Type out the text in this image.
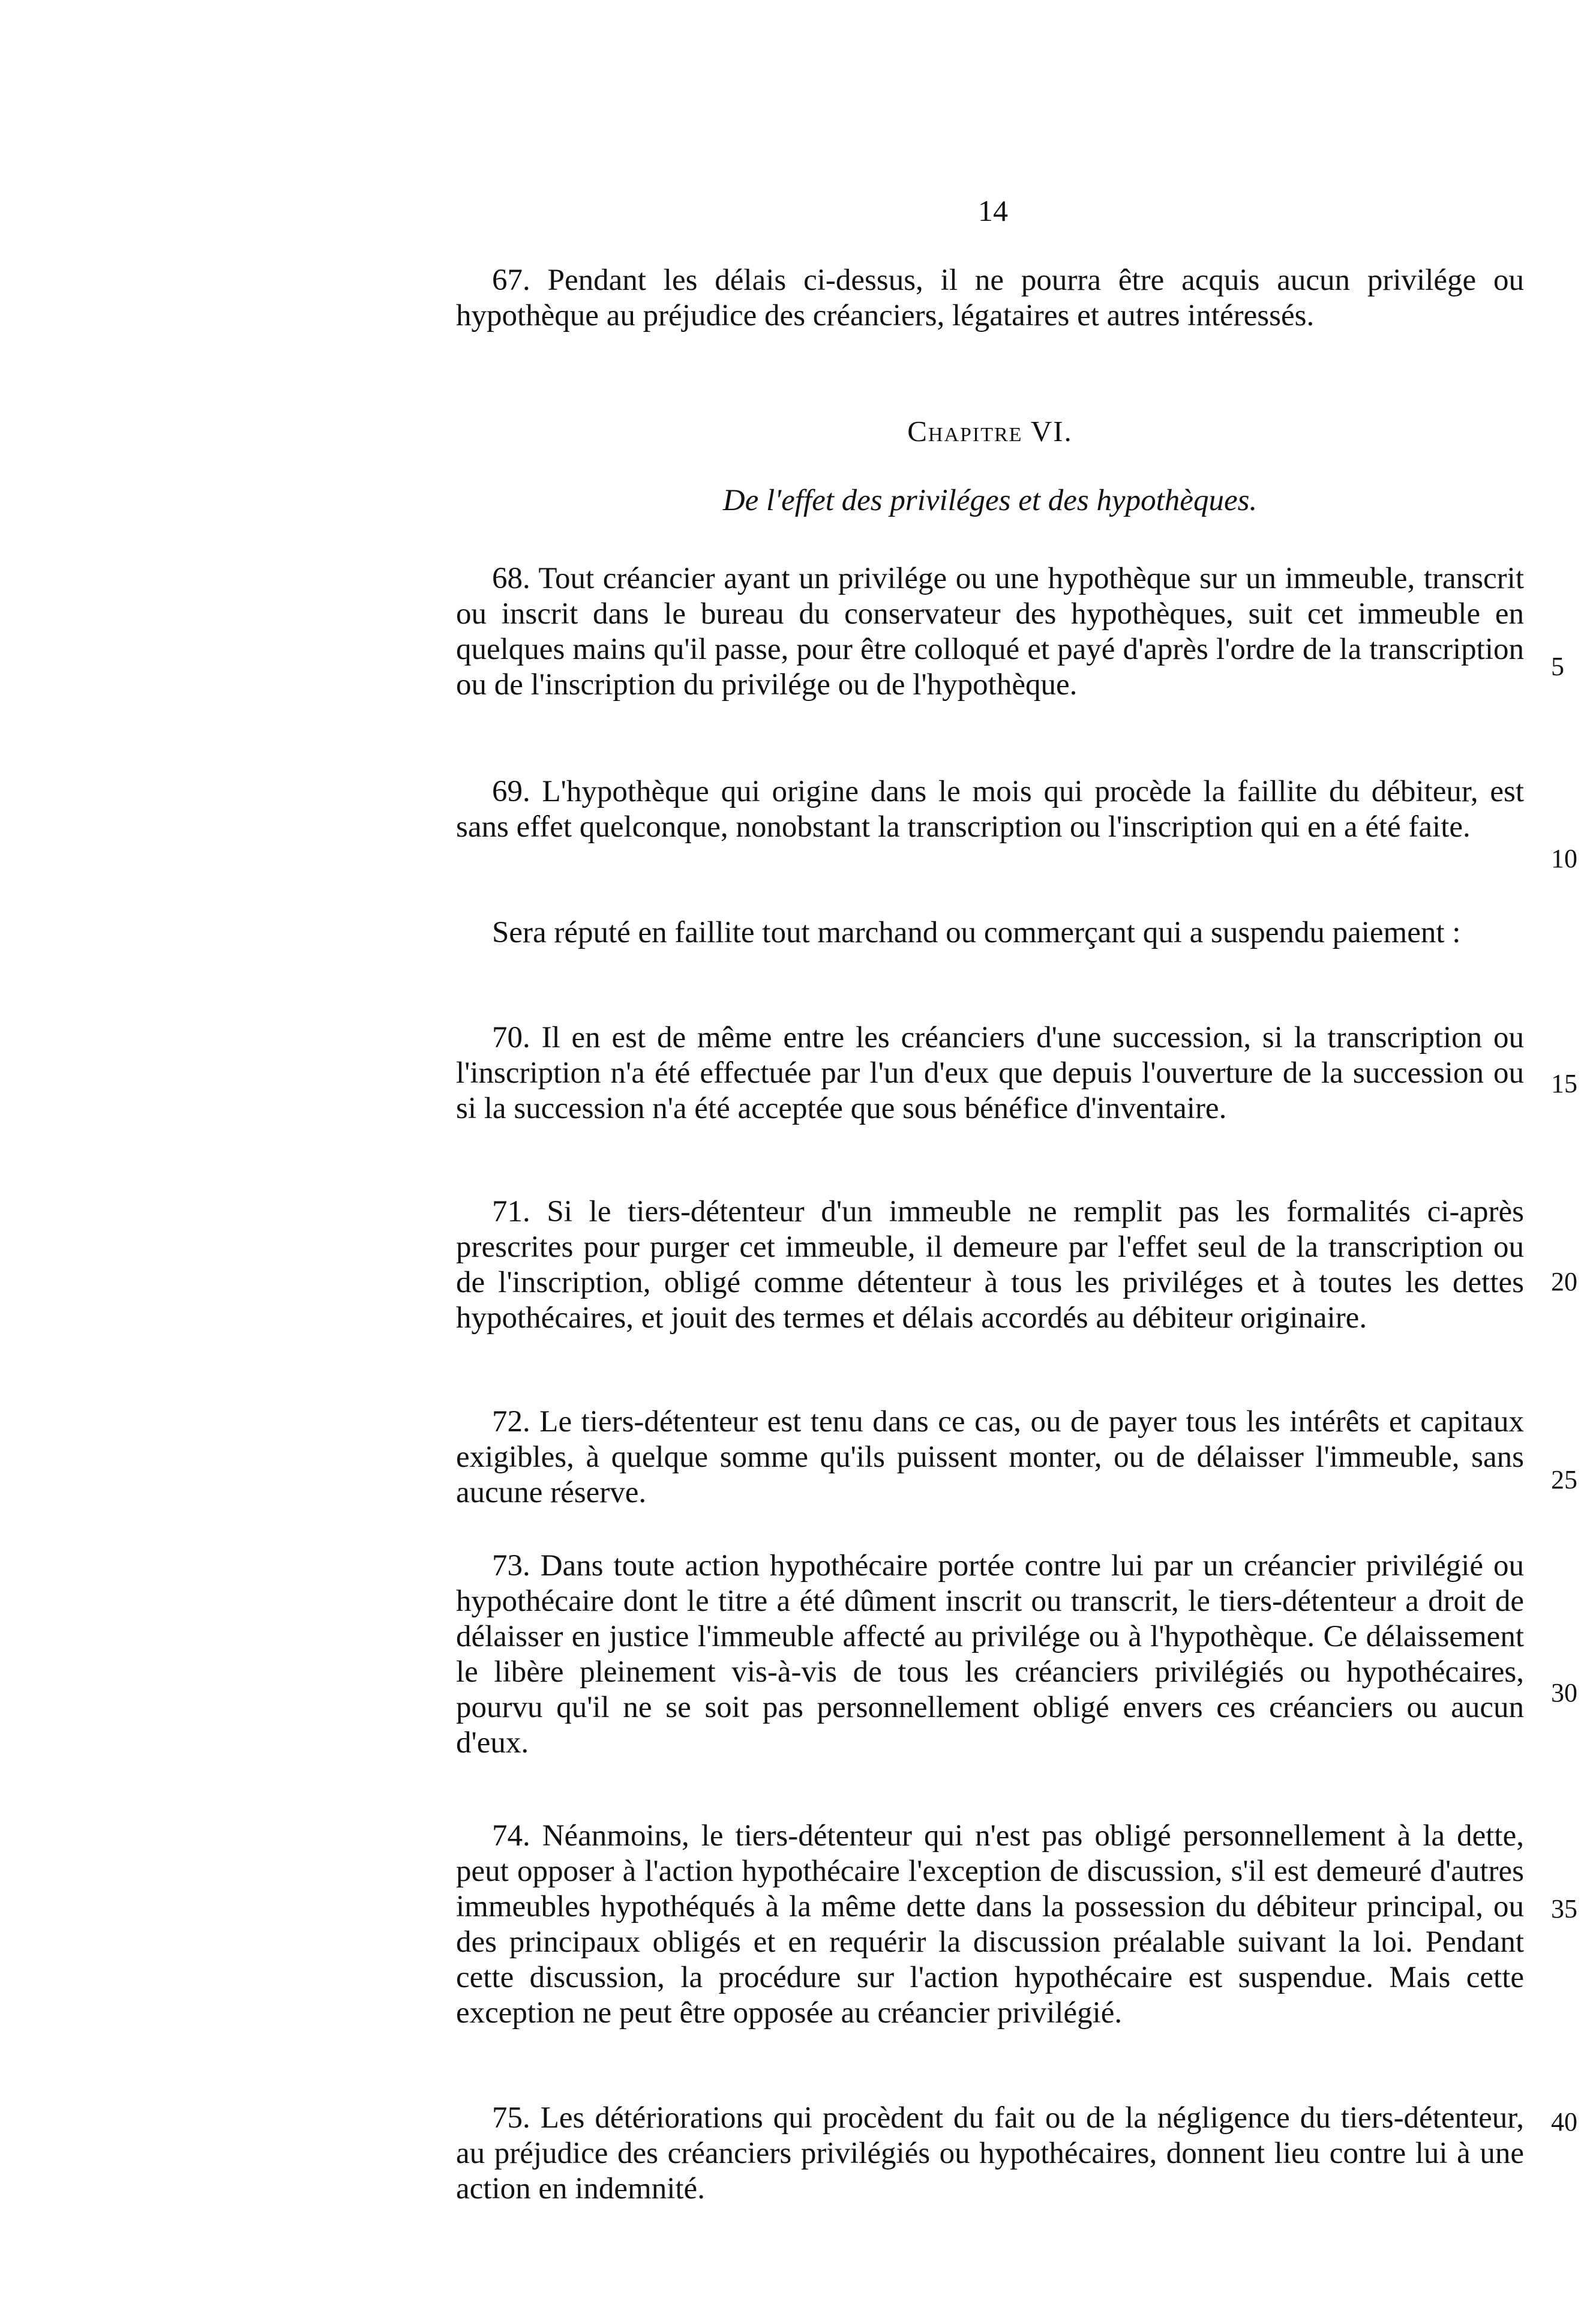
14

67. Pendant les délais ci-dessus, il ne pourra être acquis aucun privilége ou hypothèque au préjudice des créanciers, légataires et autres intéressés.

Chapitre VI.
De l'effet des priviléges et des hypothèques.

68. Tout créancier ayant un privilége ou une hypothèque sur un immeuble, transcrit ou inscrit dans le bureau du conservateur des hypothèques, suit cet immeuble en quelques mains qu'il passe, pour être colloqué et payé d'après l'ordre de la transcription ou de l'inscription du privilége ou de l'hypothèque.

69. L'hypothèque qui origine dans le mois qui procède la faillite du débiteur, est sans effet quelconque, nonobstant la transcription ou l'inscription qui en a été faite.

Sera réputé en faillite tout marchand ou commerçant qui a suspendu paiement :

70. Il en est de même entre les créanciers d'une succession, si la transcription ou l'inscription n'a été effectuée par l'un d'eux que depuis l'ouverture de la succession ou si la succession n'a été acceptée que sous bénéfice d'inventaire.

71. Si le tiers-détenteur d'un immeuble ne remplit pas les formalités ci-après prescrites pour purger cet immeuble, il demeure par l'effet seul de la transcription ou de l'inscription, obligé comme détenteur à tous les priviléges et à toutes les dettes hypothécaires, et jouit des termes et délais accordés au débiteur originaire.

72. Le tiers-détenteur est tenu dans ce cas, ou de payer tous les intérêts et capitaux exigibles, à quelque somme qu'ils puissent monter, ou de délaisser l'immeuble, sans aucune réserve.

73. Dans toute action hypothécaire portée contre lui par un créancier privilégié ou hypothécaire dont le titre a été dûment inscrit ou transcrit, le tiers-détenteur a droit de délaisser en justice l'immeuble affecté au privilége ou à l'hypothèque. Ce délaissement le libère pleinement vis-à-vis de tous les créanciers privilégiés ou hypothécaires, pourvu qu'il ne se soit pas personnellement obligé envers ces créanciers ou aucun d'eux.

74. Néanmoins, le tiers-détenteur qui n'est pas obligé personnellement à la dette, peut opposer à l'action hypothécaire l'exception de discussion, s'il est demeuré d'autres immeubles hypothéqués à la même dette dans la possession du débiteur principal, ou des principaux obligés et en requérir la discussion préalable suivant la loi. Pendant cette discussion, la procédure sur l'action hypothécaire est suspendue. Mais cette exception ne peut être opposée au créancier privilégié.

75. Les détériorations qui procèdent du fait ou de la négligence du tiers-détenteur, au préjudice des créanciers privilégiés ou hypothécaires, donnent lieu contre lui à une action en indemnité.

5
10
15
20
25
30
35
40
